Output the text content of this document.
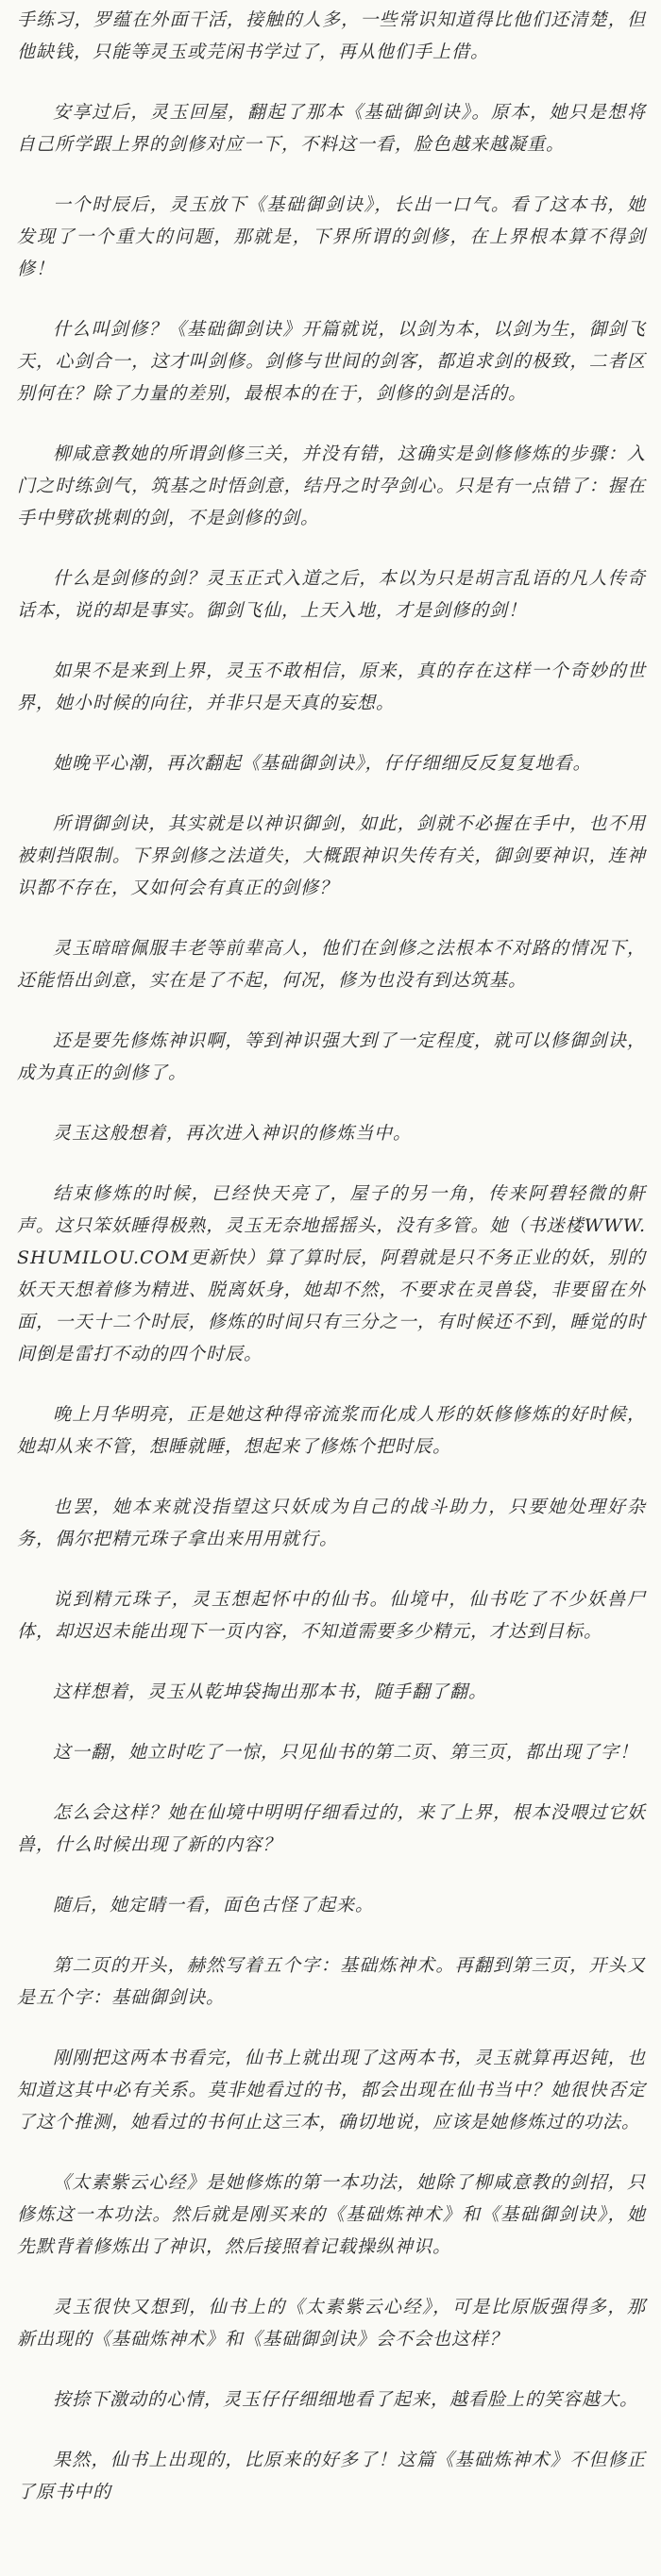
手练习，罗蕴在外面干活，接触的人多，一些常识知道得比他们还清楚，但他缺钱，只能等灵玉或芫闲书学过了，再从他们手上借。

安享过后，灵玉回屋，翻起了那本《基础御剑诀》。原本，她只是想将自己所学跟上界的剑修对应一下，不料这一看，脸色越来越凝重。

一个时辰后，灵玉放下《基础御剑诀》，长出一口气。看了这本书，她发现了一个重大的问题，那就是，下界所谓的剑修，在上界根本算不得剑修！

什么叫剑修？《基础御剑诀》开篇就说，以剑为本，以剑为生，御剑飞天，心剑合一，这才叫剑修。剑修与世间的剑客，都追求剑的极致，二者区别何在？除了力量的差别，最根本的在于，剑修的剑是活的。

柳咸意教她的所谓剑修三关，并没有错，这确实是剑修修炼的步骤：入门之时练剑气，筑基之时悟剑意，结丹之时孕剑心。只是有一点错了：握在手中劈砍挑刺的剑，不是剑修的剑。

什么是剑修的剑？灵玉正式入道之后，本以为只是胡言乱语的凡人传奇话本，说的却是事实。御剑飞仙，上天入地，才是剑修的剑！

如果不是来到上界，灵玉不敢相信，原来，真的存在这样一个奇妙的世界，她小时候的向往，并非只是天真的妄想。

她晚平心潮，再次翻起《基础御剑诀》，仔仔细细反反复复地看。

所谓御剑诀，其实就是以神识御剑，如此，剑就不必握在手中，也不用被刺挡限制。下界剑修之法道失，大概跟神识失传有关，御剑要神识，连神识都不存在，又如何会有真正的剑修？

灵玉暗暗佩服丰老等前辈高人，他们在剑修之法根本不对路的情况下，还能悟出剑意，实在是了不起，何况，修为也没有到达筑基。

还是要先修炼神识啊，等到神识强大到了一定程度，就可以修御剑诀，成为真正的剑修了。

灵玉这般想着，再次进入神识的修炼当中。

结束修炼的时候，已经快天亮了，屋子的另一角，传来阿碧轻微的鼾声。这只笨妖睡得极熟，灵玉无奈地摇摇头，没有多管。她（书迷楼WWW.SHUMILOU.COM更新快）算了算时辰，阿碧就是只不务正业的妖，别的妖天天想着修为精进、脱离妖身，她却不然，不要求在灵兽袋，非要留在外面，一天十二个时辰，修炼的时间只有三分之一，有时候还不到，睡觉的时间倒是雷打不动的四个时辰。

晚上月华明亮，正是她这种得帝流浆而化成人形的妖修修炼的好时候，她却从来不管，想睡就睡，想起来了修炼个把时辰。

也罢，她本来就没指望这只妖成为自己的战斗助力，只要她处理好杂务，偶尔把精元珠子拿出来用用就行。

说到精元珠子，灵玉想起怀中的仙书。仙境中，仙书吃了不少妖兽尸体，却迟迟未能出现下一页内容，不知道需要多少精元，才达到目标。

这样想着，灵玉从乾坤袋掏出那本书，随手翻了翻。

这一翻，她立时吃了一惊，只见仙书的第二页、第三页，都出现了字！

怎么会这样？她在仙境中明明仔细看过的，来了上界，根本没喂过它妖兽，什么时候出现了新的内容？

随后，她定睛一看，面色古怪了起来。

第二页的开头，赫然写着五个字：基础炼神术。再翻到第三页，开头又是五个字：基础御剑诀。

刚刚把这两本书看完，仙书上就出现了这两本书，灵玉就算再迟钝，也知道这其中必有关系。莫非她看过的书，都会出现在仙书当中？她很快否定了这个推测，她看过的书何止这三本，确切地说，应该是她修炼过的功法。

《太素紫云心经》是她修炼的第一本功法，她除了柳咸意教的剑招，只修炼这一本功法。然后就是刚买来的《基础炼神术》和《基础御剑诀》，她先默背着修炼出了神识，然后接照着记载操纵神识。

灵玉很快又想到，仙书上的《太素紫云心经》，可是比原版强得多，那新出现的《基础炼神术》和《基础御剑诀》会不会也这样？

按捺下激动的心情，灵玉仔仔细细地看了起来，越看脸上的笑容越大。

果然，仙书上出现的，比原来的好多了！这篇《基础炼神术》不但修正了原书中的
